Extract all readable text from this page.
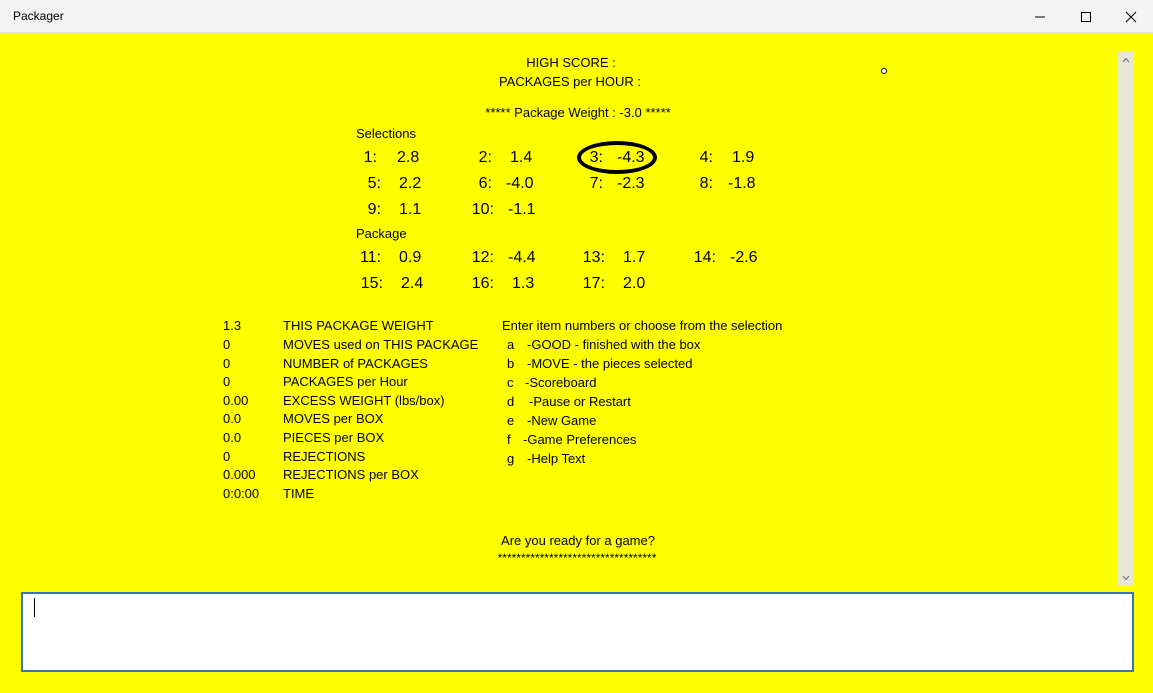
Packager
HIGH SCORE :
PACKAGES per HOUR :
***** Package Weight : -3.0 *****
Selections
1: 2.8	2: 1.4	3: -4.3	4: 1.9
5: 2.2	6: -4.0	7: -2.3	8: -1.8
9: 1.1	10: -1.1
Package
11: 0.9	12: -4.4	13: 1.7	14: -2.6
15: 2.4	16: 1.3	17: 2.0
1.3	THIS PACKAGE WEIGHT
0	MOVES used on THIS PACKAGE
0	NUMBER of PACKAGES
0	PACKAGES per Hour
0.00	EXCESS WEIGHT (lbs/box)
0.0	MOVES per BOX
0.0	PIECES per BOX
0	REJECTIONS
0.000 REJECTIONS per BOX
0:0:00 TIME
Enter item numbers or choose from the selection
a -GOOD - finished with the box
b -MOVE - the pieces selected
c -Scoreboard
d -Pause or Restart
e -New Game
f -Game Preferences
g -Help Text
Are you ready for a game?
**********************************
